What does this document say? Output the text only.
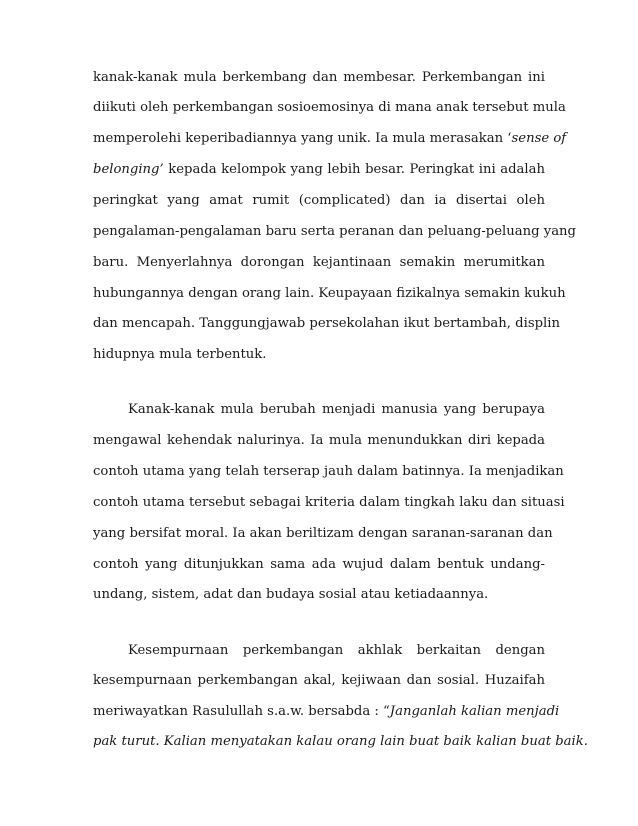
kanak-kanak mula berkembang dan membesar. Perkembangan ini
diikuti oleh perkembangan sosioemosinya di mana anak tersebut mula
memperolehi keperibadiannya yang unik. Ia mula merasakan ‘sense of
belonging’ kepada kelompok yang lebih besar. Peringkat ini adalah
peringkat yang amat rumit (complicated) dan ia disertai oleh
pengalaman-pengalaman baru serta peranan dan peluang-peluang yang
baru. Menyerlahnya dorongan kejantinaan semakin merumitkan
hubungannya dengan orang lain. Keupayaan fizikalnya semakin kukuh
dan mencapah. Tanggungjawab persekolahan ikut bertambah, displin
hidupnya mula terbentuk.
Kanak-kanak mula berubah menjadi manusia yang berupaya
mengawal kehendak nalurinya. Ia mula menundukkan diri kepada
contoh utama yang telah terserap jauh dalam batinnya. Ia menjadikan
contoh utama tersebut sebagai kriteria dalam tingkah laku dan situasi
yang bersifat moral. Ia akan beriltizam dengan saranan-saranan dan
contoh yang ditunjukkan sama ada wujud dalam bentuk undang-
undang, sistem, adat dan budaya sosial atau ketiadaannya.
Kesempurnaan perkembangan akhlak berkaitan dengan
kesempurnaan perkembangan akal, kejiwaan dan sosial. Huzaifah
meriwayatkan Rasulullah s.a.w. bersabda : “Janganlah kalian menjadi
pak turut. Kalian menyatakan kalau orang lain buat baik kalian buat baik.
